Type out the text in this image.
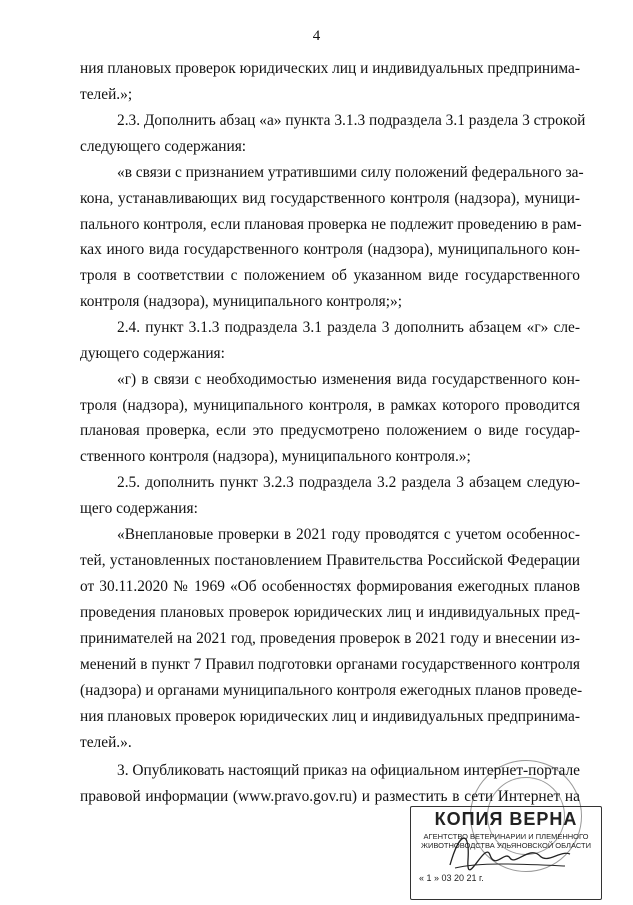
4
ния плановых проверок юридических лиц и индивидуальных предпринима-
телей.»;
2.3. Дополнить абзац «а» пункта 3.1.3 подраздела 3.1 раздела 3 строкой
следующего содержания:
«в связи с признанием утратившими силу положений федерального за-
кона, устанавливающих вид государственного контроля (надзора), муници-
пального контроля, если плановая проверка не подлежит проведению в рам-
ках иного вида государственного контроля (надзора), муниципального кон-
троля в соответствии с положением об указанном виде государственного
контроля (надзора), муниципального контроля;»;
2.4. пункт 3.1.3 подраздела 3.1 раздела 3 дополнить абзацем «г» сле-
дующего содержания:
«г) в связи с необходимостью изменения вида государственного кон-
троля (надзора), муниципального контроля, в рамках которого проводится
плановая проверка, если это предусмотрено положением о виде государ-
ственного контроля (надзора), муниципального контроля.»;
2.5. дополнить пункт 3.2.3 подраздела 3.2 раздела 3 абзацем следую-
щего содержания:
«Внеплановые проверки в 2021 году проводятся с учетом особеннос-
тей, установленных постановлением Правительства Российской Федерации
от 30.11.2020 № 1969 «Об особенностях формирования ежегодных планов
проведения плановых проверок юридических лиц и индивидуальных пред-
принимателей на 2021 год, проведения проверок в 2021 году и внесении из-
менений в пункт 7 Правил подготовки органами государственного контроля
(надзора) и органами муниципального контроля ежегодных планов проведе-
ния плановых проверок юридических лиц и индивидуальных предпринима-
телей.».
3. Опубликовать настоящий приказ на официальном интернет-портале
правовой информации (www.pravo.gov.ru) и разместить в сети Интернет на
КОПИЯ ВЕРНА
АГЕНТСТВО ВЕТЕРИНАРИИ И ПЛЕМЕННОГО ЖИВОТНОВОДСТВА УЛЬЯНОВСКОЙ ОБЛАСТИ
« 1 » 03 20 21 г.
